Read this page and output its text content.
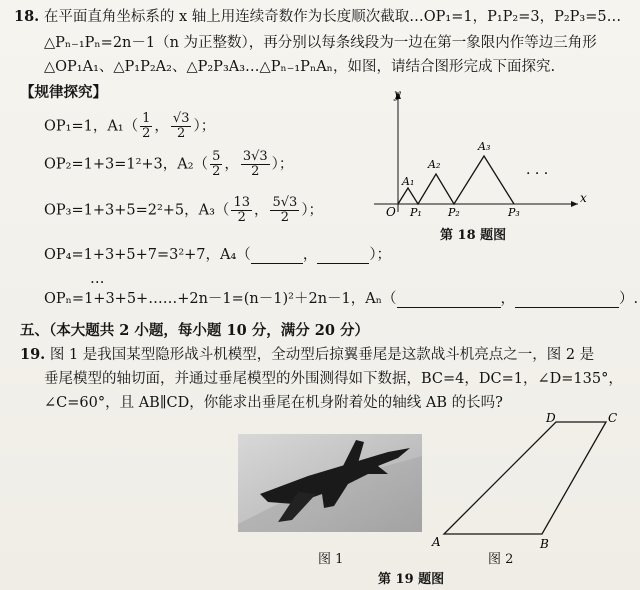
18. 在平面直角坐标系的 x 轴上用连续奇数作为长度顺次截取…OP₁=1，P₁P₂=3，P₂P₃=5…
△Pₙ₋₁Pₙ=2n－1（n 为正整数），再分别以每条线段为一边在第一象限内作等边三角形
△OP₁A₁、△P₁P₂A₂、△P₂P₃A₃…△Pₙ₋₁PₙAₙ，如图，请结合图形完成下面探究.
【规律探究】
OP₁=1，$A_1( \frac{1}{2}$ ， $\frac{√3}{2}$ ）；
OP₂=1+3=1²+3，$A_2( \frac{5}{2}$ ， $\frac{3√3}{2}$ ）；
OP₃=1+3+5=2²+5，$A_3( \frac{13}{2}$ ， $\frac{5√3}{2}$ ）；
OP₄=1+3+5+7=3²+7，A₄（	，	）；
…
OPₙ=1+3+5+……+2n－1=(n－1)²＋2n－1，Aₙ（	，	）.
y
x
O P₁ P₂	P₃
A₁
A₂
A₃
· · ·
第 18 题图
五、（本大题共 2 小题，每小题 10 分，满分 20 分）
19. 图 1 是我国某型隐形战斗机模型，全动型后掠翼垂尾是这款战斗机亮点之一，图 2 是
垂尾模型的轴切面，并通过垂尾模型的外围测得如下数据，BC=4，DC=1，∠D=135°，
∠C=60°，且 AB∥CD，你能求出垂尾在机身附着处的轴线 AB 的长吗?
图 1
A	B
C
D
图 2
第 19 题图
